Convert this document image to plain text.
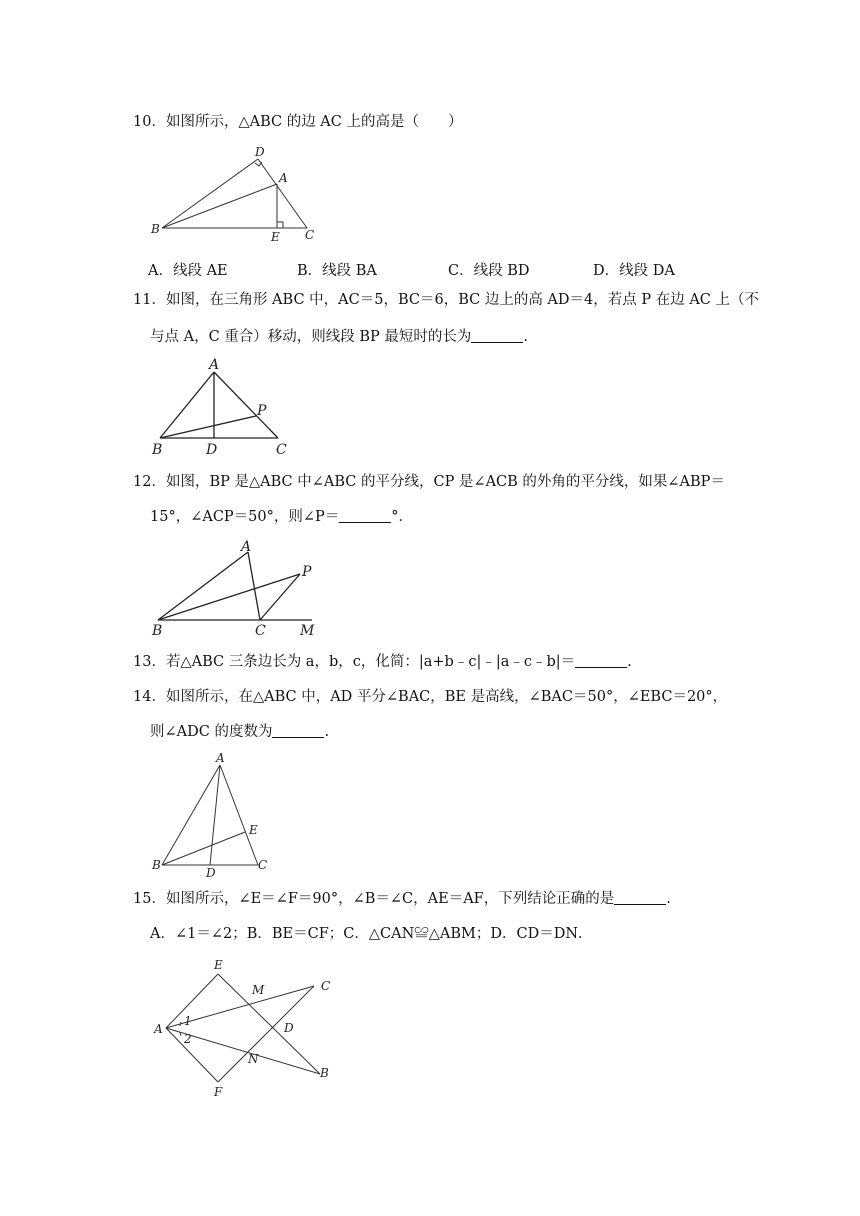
10．如图所示，△ABC 的边 AC 上的高是（　　）
D
A
B
E C
A．线段 AE	B．线段 BA	C．线段 BD	D．线段 DA
11．如图，在三角形 ABC 中，AC＝5，BC＝6，BC 边上的高 AD＝4，若点 P 在边 AC 上（不
与点 A，C 重合）移动，则线段 BP 最短时的长为	.
A
P
B	D	C
12．如图，BP 是△ABC 中∠ABC 的平分线，CP 是∠ACB 的外角的平分线，如果∠ABP＝
15°，∠ACP＝50°，则∠P＝	°．
A
P
B	C M
13．若△ABC 三条边长为 a，b，c，化简：|a+b﹣c|﹣|a﹣c﹣b|＝	.
14．如图所示，在△ABC 中，AD 平分∠BAC，BE 是高线，∠BAC＝50°，∠EBC＝20°，
则∠ADC 的度数为	.
A
E
B
D
C
15．如图所示，∠E＝∠F＝90°，∠B＝∠C，AE＝AF，下列结论正确的是	.
A．∠1＝∠2；B．BE＝CF；C．△CAN≌△ABM；D．CD＝DN．
E
M	C
A
1	D
2
N
B
F
